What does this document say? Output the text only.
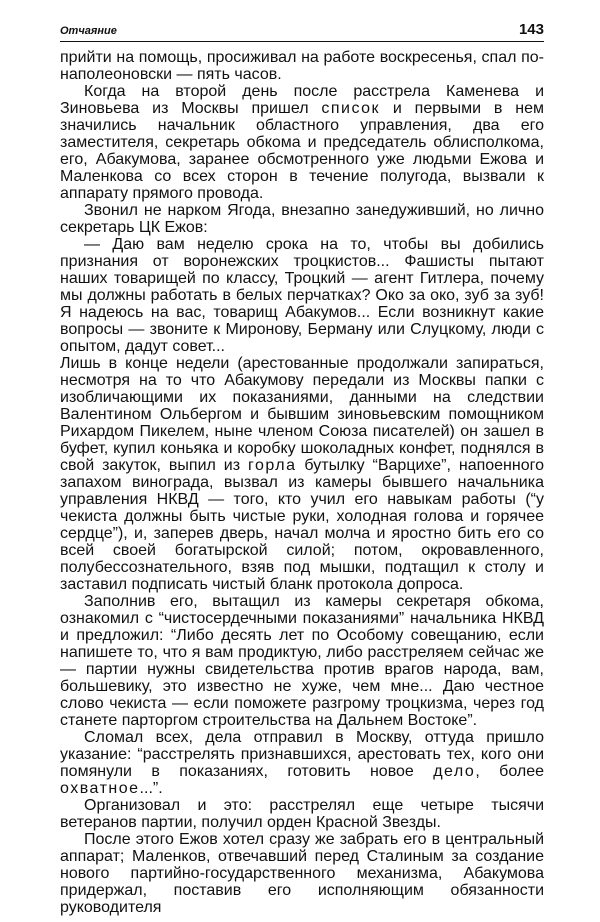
Отчаяние	143

прийти на помощь, просиживал на работе воскресенья, спал по-наполеоновски — пять часов.

Когда на второй день после расстрела Каменева и Зиновьева из Москвы пришел список и первыми в нем значились начальник областного управления, два его заместителя, секретарь обкома и председатель облисполкома, его, Абакумова, заранее обсмотренного уже людьми Ежова и Маленкова со всех сторон в течение полугода, вызвали к аппарату прямого провода.

Звонил не нарком Ягода, внезапно занедуживший, но лично секретарь ЦК Ежов:

— Даю вам неделю срока на то, чтобы вы добились признания от воронежских троцкистов... Фашисты пытают наших товарищей по классу, Троцкий — агент Гитлера, почему мы должны работать в белых перчатках? Око за око, зуб за зуб! Я надеюсь на вас, товарищ Абакумов... Если возникнут какие вопросы — звоните к Миронову, Берману или Слуцкому, люди с опытом, дадут совет...

Лишь в конце недели (арестованные продолжали запираться, несмотря на то что Абакумову передали из Москвы папки с изобличающими их показаниями, данными на следствии Валентином Ольбергом и бывшим зиновьевским помощником Рихардом Пикелем, ныне членом Союза писателей) он зашел в буфет, купил коньяка и коробку шоколадных конфет, поднялся в свой закуток, выпил из горла бутылку “Варцихе”, напоенного запахом винограда, вызвал из камеры бывшего начальника управления НКВД — того, кто учил его навыкам работы (“у чекиста должны быть чистые руки, холодная голова и горячее сердце”), и, заперев дверь, начал молча и яростно бить его со всей своей богатырской силой; потом, окровавленного, полубессознательного, взяв под мышки, подтащил к столу и заставил подписать чистый бланк протокола допроса.

Заполнив его, вытащил из камеры секретаря обкома, ознакомил с “чистосердечными показаниями” начальника НКВД и предложил: “Либо десять лет по Особому совещанию, если напишете то, что я вам продиктую, либо расстреляем сейчас же — партии нужны свидетельства против врагов народа, вам, большевику, это известно не хуже, чем мне... Даю честное слово чекиста — если поможете разгрому троцкизма, через год станете парторгом строительства на Дальнем Востоке”.

Сломал всех, дела отправил в Москву, оттуда пришло указание: “расстрелять признавшихся, арестовать тех, кого они помянули в показаниях, готовить новое дело, более охватное...”.

Организовал и это: расстрелял еще четыре тысячи ветеранов партии, получил орден Красной Звезды.

После этого Ежов хотел сразу же забрать его в центральный аппарат; Маленков, отвечавший перед Сталиным за создание нового партийно-государственного механизма, Абакумова придержал, поставив его исполняющим обязанности руководителя
